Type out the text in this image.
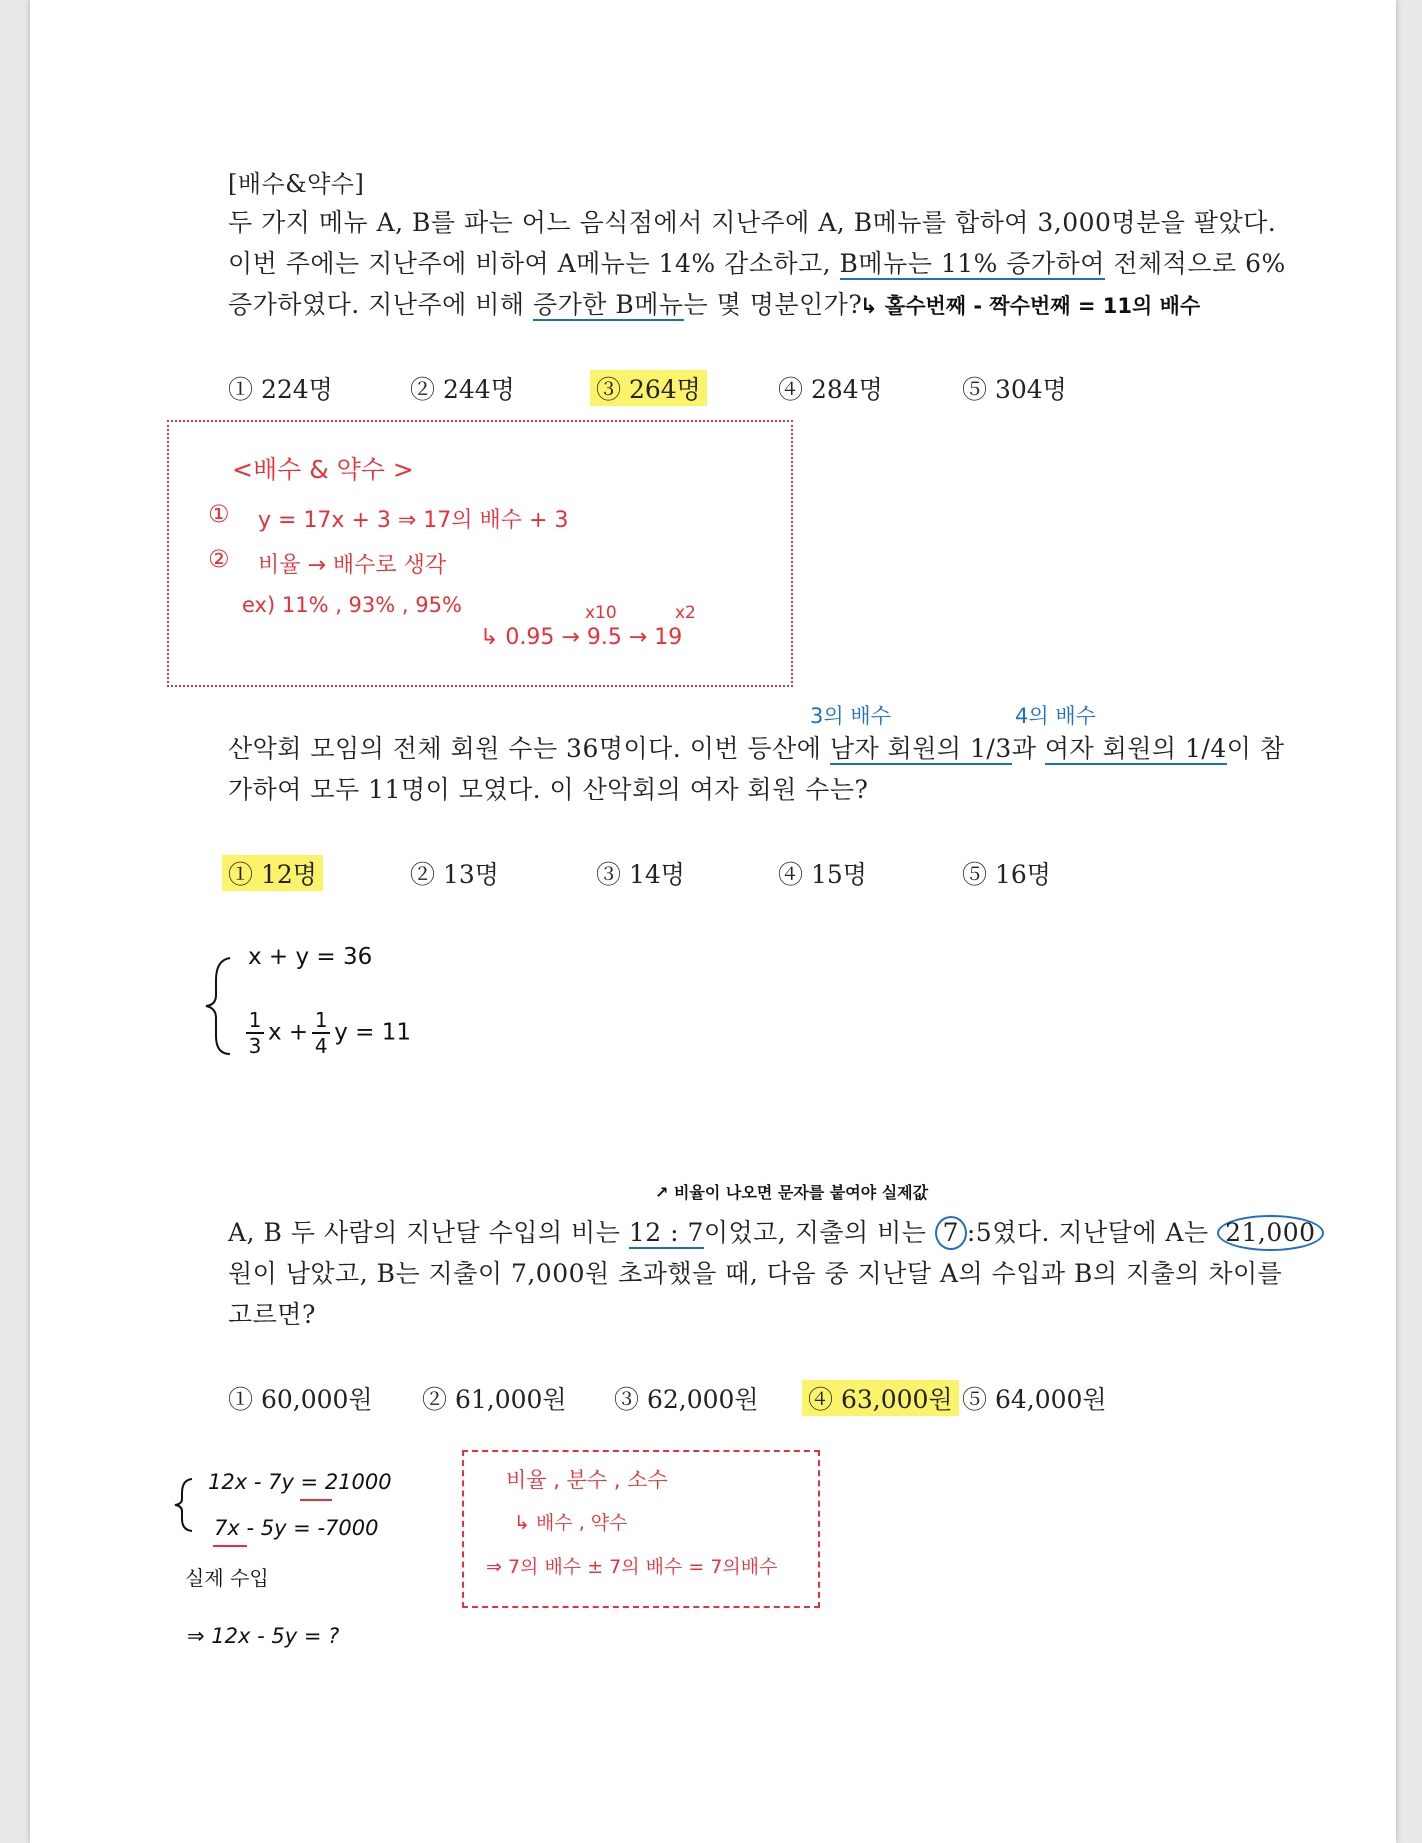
[배수&약수]
두 가지 메뉴 A, B를 파는 어느 음식점에서 지난주에 A, B메뉴를 합하여 3,000명분을 팔았다.
이번 주에는 지난주에 비하여 A메뉴는 14% 감소하고, B메뉴는 11% 증가하여 전체적으로 6%
증가하였다. 지난주에 비해 증가한 B메뉴는 몇 명분인가?
↳ 홀수번째 - 짝수번째 = 11의 배수
① 224명	② 244명	③ 264명	④ 284명	⑤ 304명
<배수 & 약수 >
① y = 17x + 3 ⇒ 17의 배수 + 3
② 비율 → 배수로 생각
ex) 11% , 93% , 95%	x10	x2
↳ 0.95 → 9.5 → 19
3의 배수	4의 배수
산악회 모임의 전체 회원 수는 36명이다. 이번 등산에 남자 회원의 1/3과 여자 회원의 1/4이 참
가하여 모두 11명이 모였다. 이 산악회의 여자 회원 수는?
① 12명	② 13명	③ 14명	④ 15명	⑤ 16명
x + y = 36
$\frac{1}{3}$ $x + \frac{1}{4}$ y = 11
↗ 비율이 나오면 문자를 붙여야 실제값
A, B 두 사람의 지난달 수입의 비는 12 : 7이었고, 지출의 비는 7 :5였다. 지난달에 A는 21,000
원이 남았고, B는 지출이 7,000원 초과했을 때, 다음 중 지난달 A의 수입과 B의 지출의 차이를
고르면?
① 60,000원 ② 61,000원 ③ 62,000원 ④ 63,000원 ⑤ 64,000원
12x - 7y = 21000
7x - 5y = -7000
실제 수입
⇒ 12x - 5y = ?
비율 , 분수 , 소수
↳ 배수 , 약수
⇒ 7의 배수 ± 7의 배수 = 7의배수
